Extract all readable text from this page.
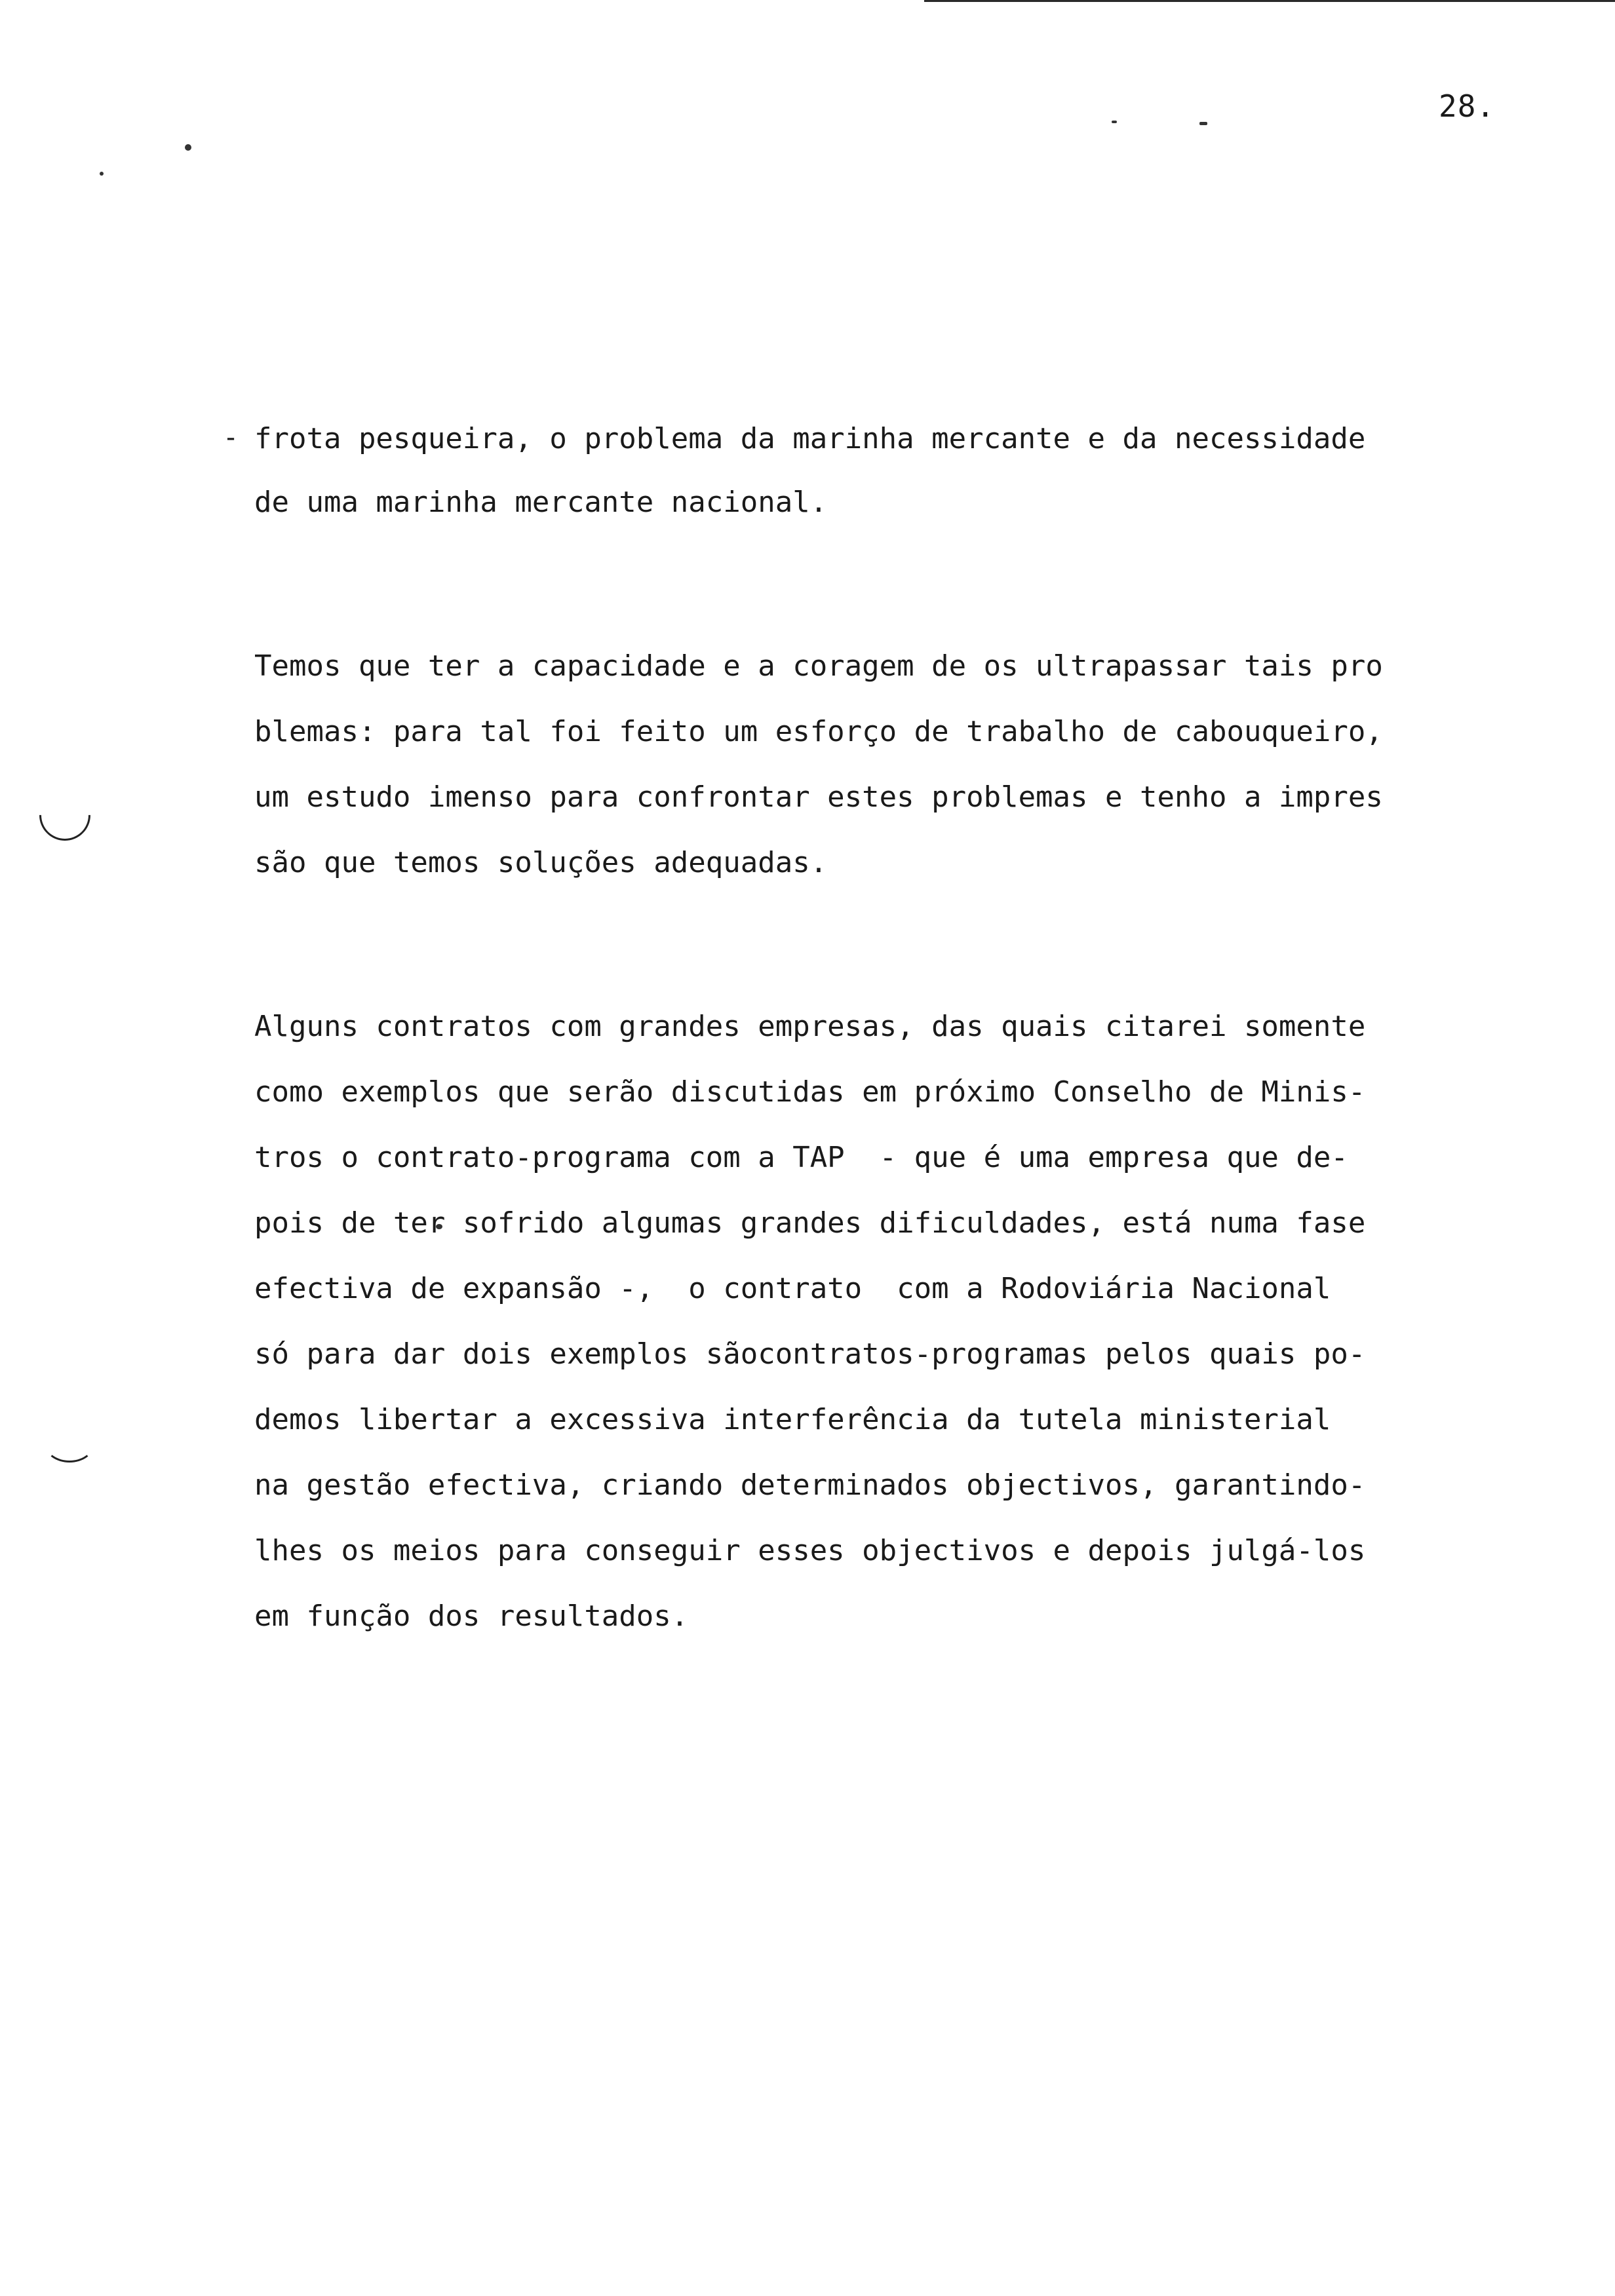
28.
- frota pesqueira, o problema da marinha mercante e da necessidade
de uma marinha mercante nacional.
Temos que ter a capacidade e a coragem de os ultrapassar tais pro
blemas: para tal foi feito um esforço de trabalho de cabouqueiro,
um estudo imenso para confrontar estes problemas e tenho a impres
são que temos soluções adequadas.
Alguns contratos com grandes empresas, das quais citarei somente
como exemplos que serão discutidas em próximo Conselho de Minis-
tros o contrato-programa com a TAP  - que é uma empresa que de-
pois de ter sofrido algumas grandes dificuldades, está numa fase
efectiva de expansão -,  o contrato  com a Rodoviária Nacional
só para dar dois exemplos sãocontratos-programas pelos quais po-
demos libertar a excessiva interferência da tutela ministerial
na gestão efectiva, criando determinados objectivos, garantindo-
lhes os meios para conseguir esses objectivos e depois julgá-los
em função dos resultados.
